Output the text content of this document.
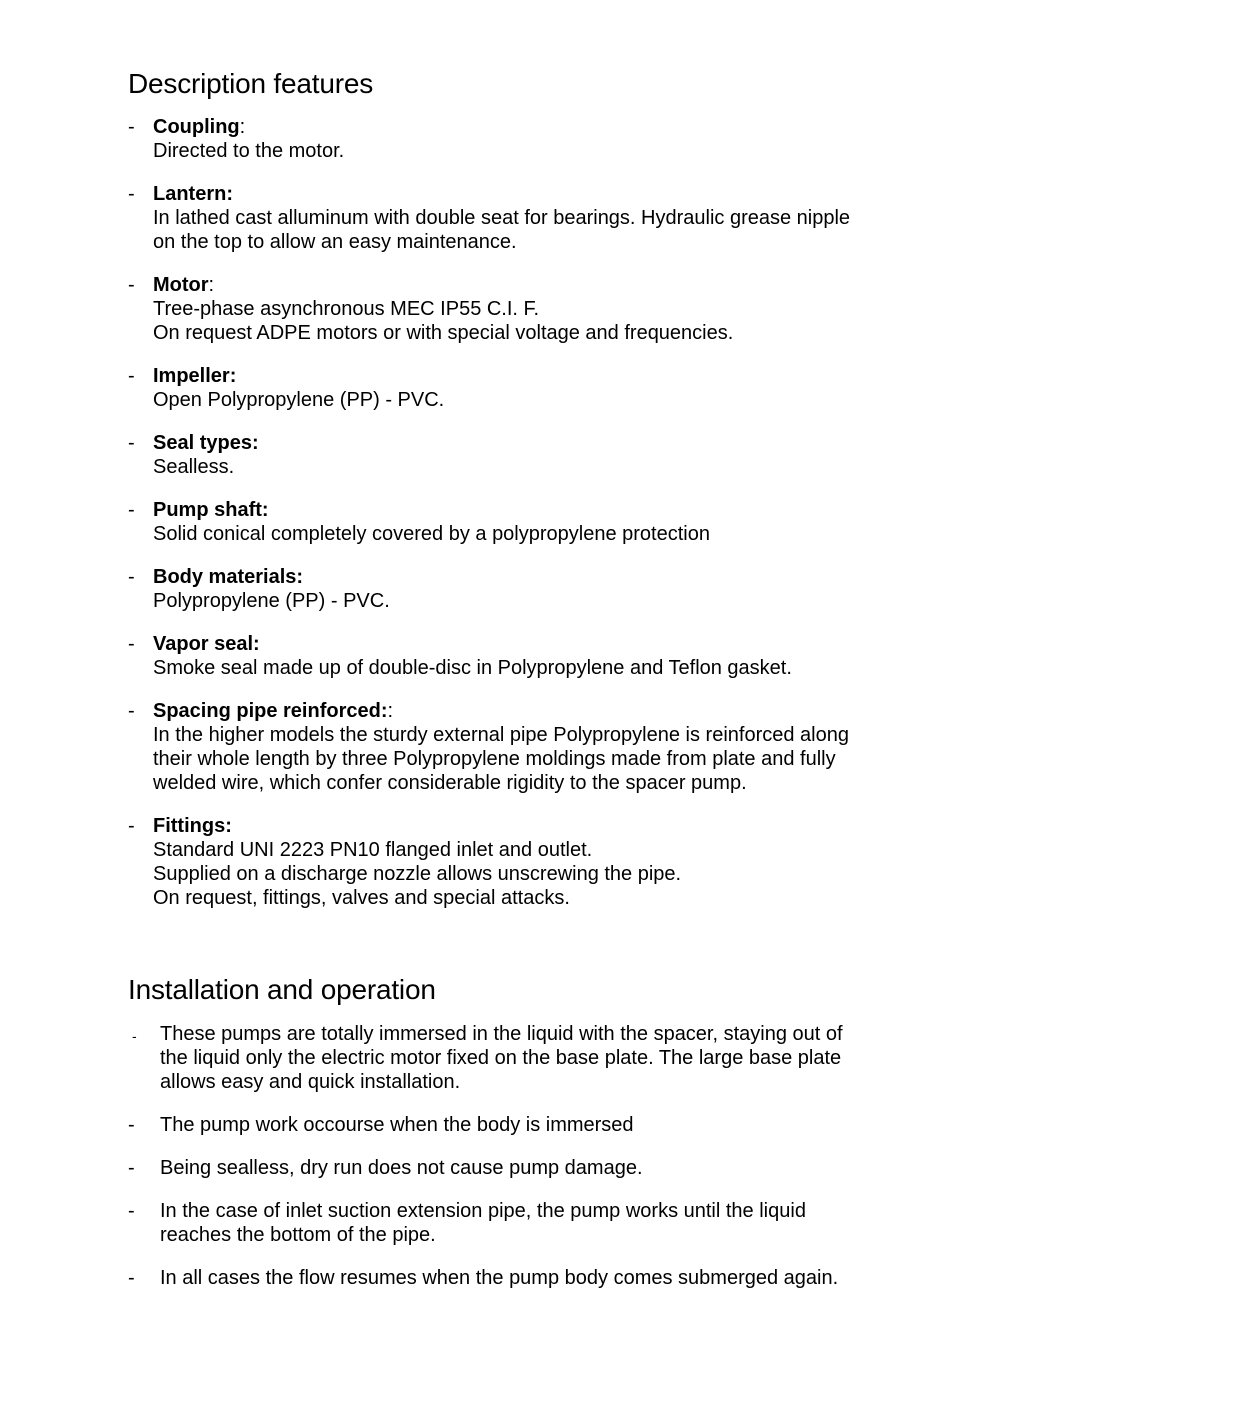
Description features
- Coupling:
Directed to the motor.
- Lantern:
In lathed cast alluminum with double seat for bearings. Hydraulic grease nipple
on the top to allow an easy maintenance.
- Motor:
Tree-phase asynchronous MEC IP55 C.I. F.
On request ADPE motors or with special voltage and frequencies.
- Impeller:
Open Polypropylene (PP) - PVC.
- Seal types:
Sealless.
- Pump shaft:
Solid conical completely covered by a polypropylene protection
- Body materials:
Polypropylene (PP) - PVC.
- Vapor seal:
Smoke seal made up of double-disc in Polypropylene and Teflon gasket.
- Spacing pipe reinforced::
In the higher models the sturdy external pipe Polypropylene is reinforced along
their whole length by three Polypropylene moldings made from plate and fully
welded wire, which confer considerable rigidity to the spacer pump.
- Fittings:
Standard UNI 2223 PN10 flanged inlet and outlet.
Supplied on a discharge nozzle allows unscrewing the pipe.
On request, fittings, valves and special attacks.
Installation and operation
- These pumps are totally immersed in the liquid with the spacer, staying out of
the liquid only the electric motor fixed on the base plate. The large base plate
allows easy and quick installation.
- The pump work occourse when the body is immersed
- Being sealless, dry run does not cause pump damage.
- In the case of inlet suction extension pipe, the pump works until the liquid
reaches the bottom of the pipe.
- In all cases the flow resumes when the pump body comes submerged again.
